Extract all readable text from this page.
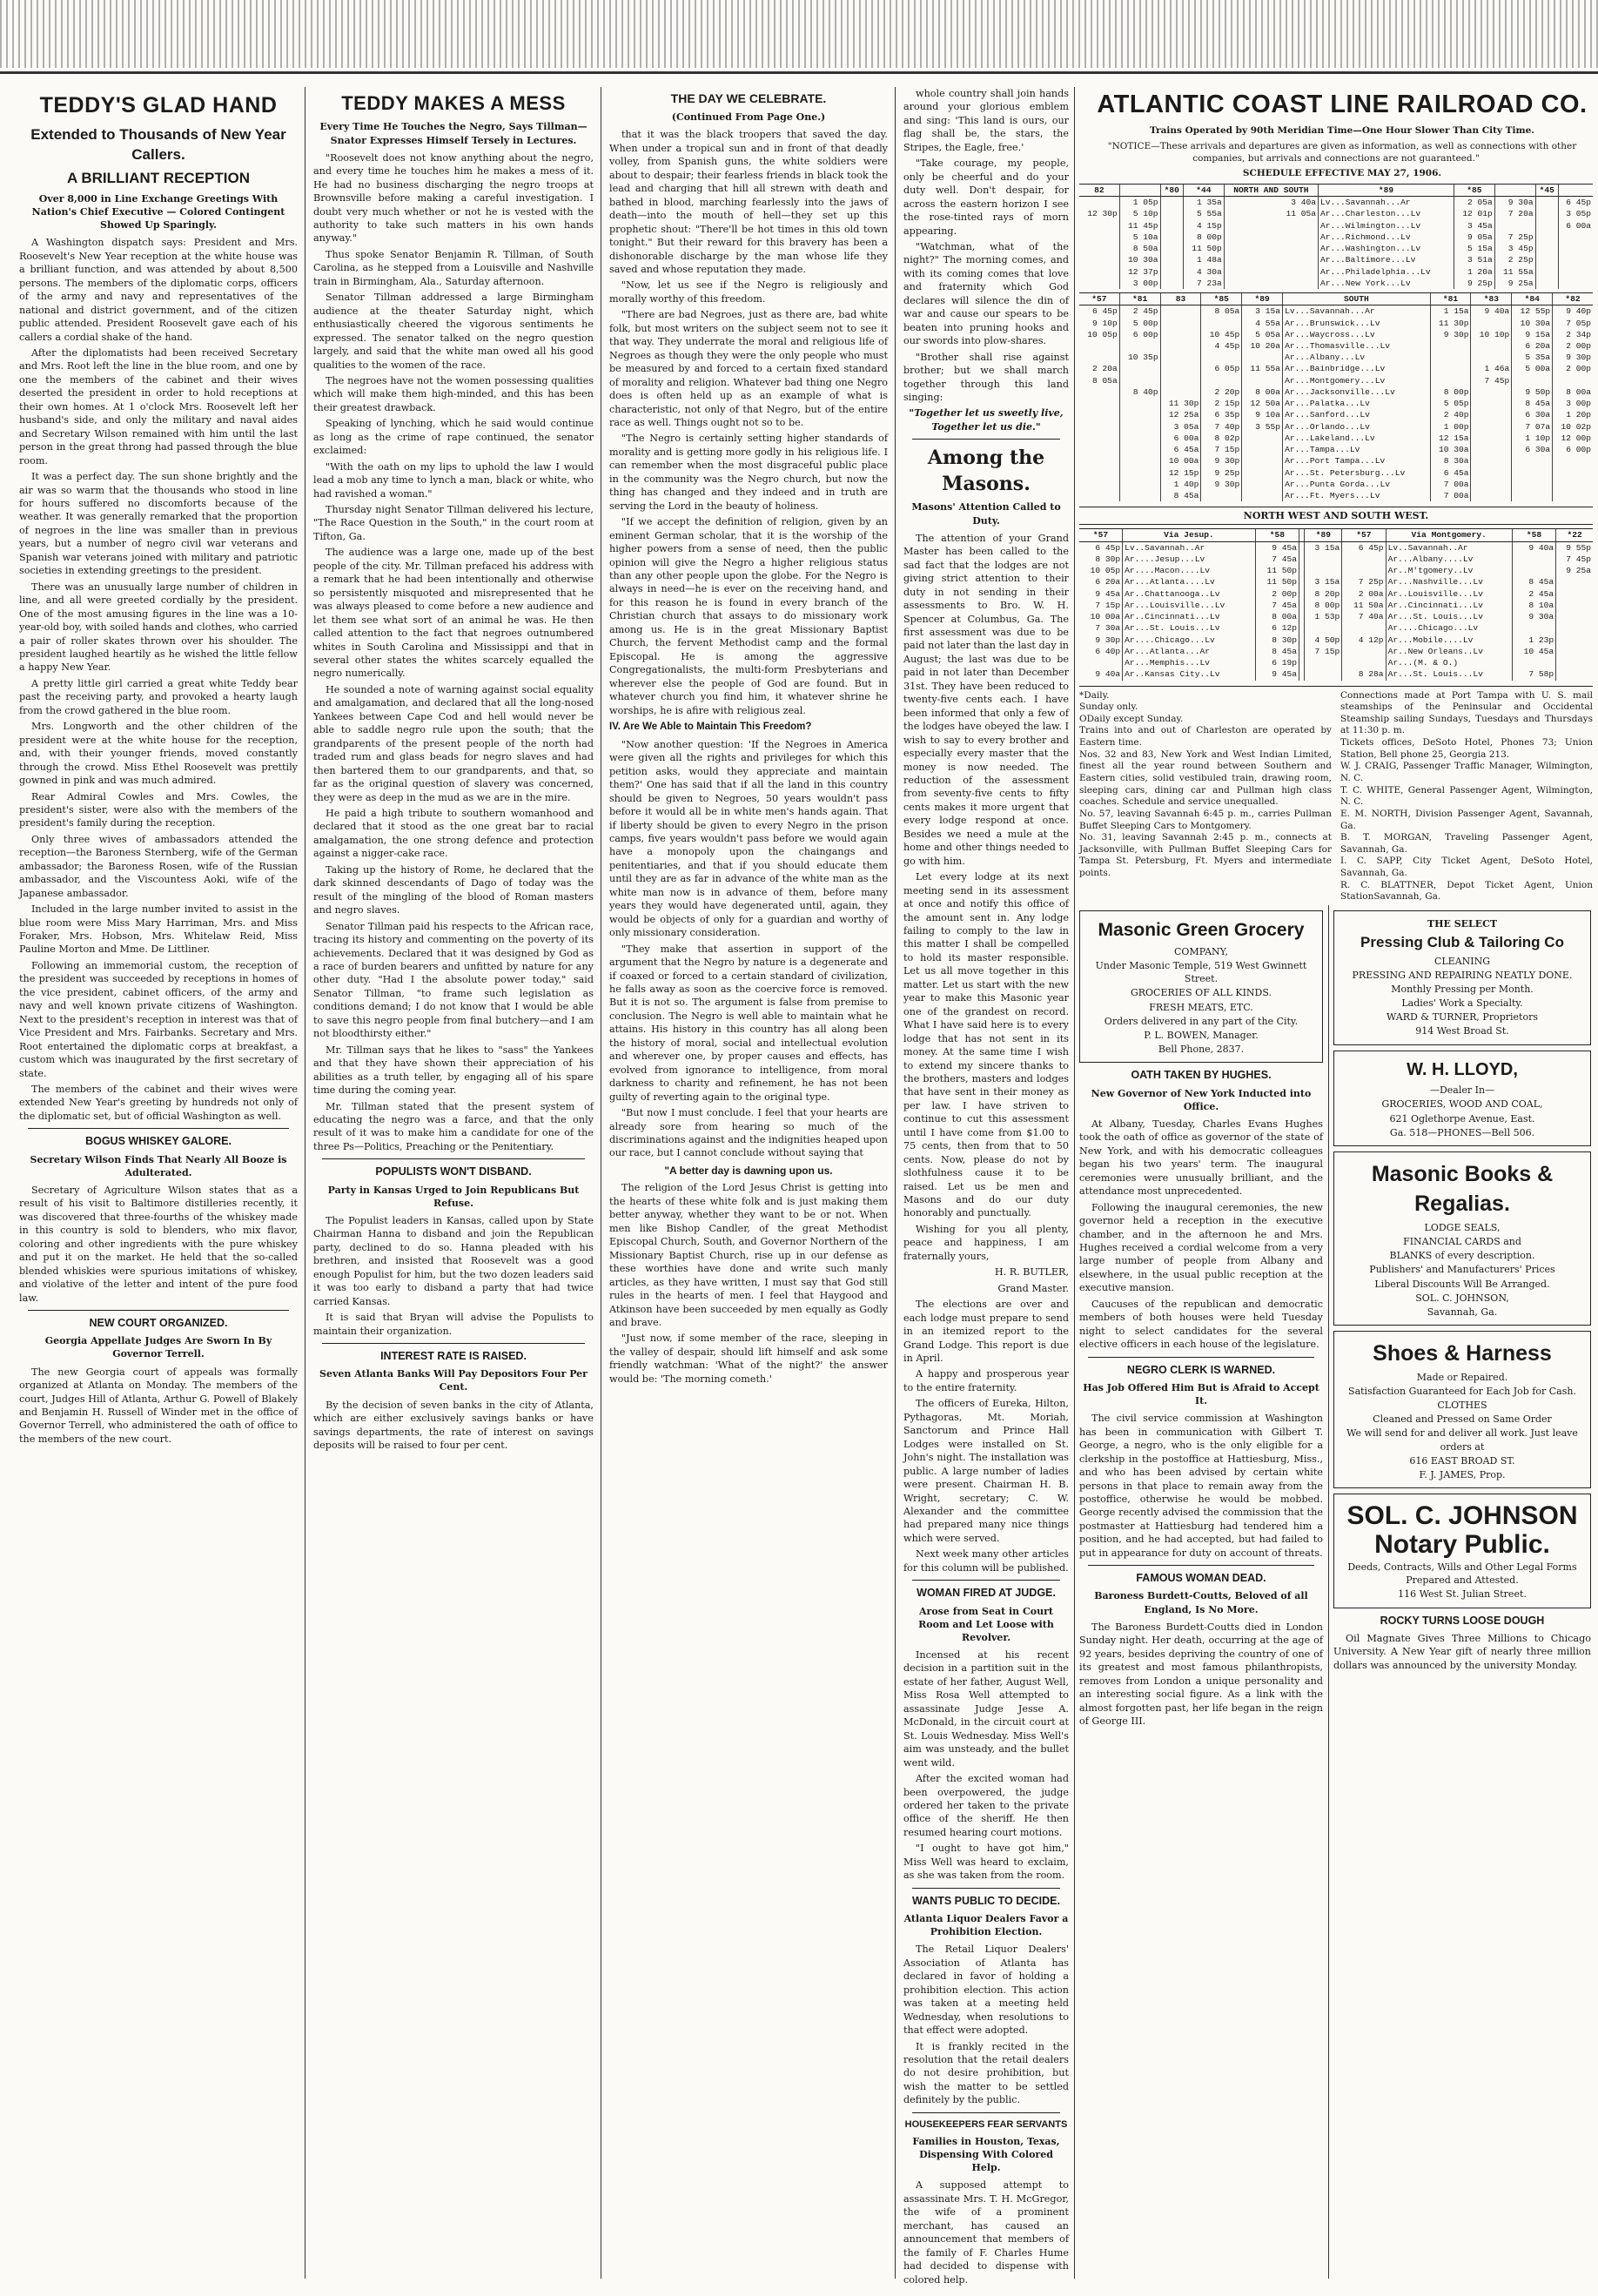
TEDDY'S GLAD HAND

Extended to Thousands of New Year Callers.

A BRILLIANT RECEPTION

Over 8,000 in Line Exchange Greetings With Nation's Chief Executive — Colored Contingent Showed Up Sparingly.

A Washington dispatch says: President and Mrs. Roosevelt's New Year reception at the white house was a brilliant function, and was attended by about 8,500 persons. The members of the diplomatic corps, officers of the army and navy and representatives of the national and district government, and of the citizen public attended. President Roosevelt gave each of his callers a cordial shake of the hand.

After the diplomatists had been received Secretary and Mrs. Root left the line in the blue room, and one by one the members of the cabinet and their wives deserted the president in order to hold receptions at their own homes. At 1 o'clock Mrs. Roosevelt left her husband's side, and only the military and naval aides and Secretary Wilson remained with him until the last person in the great throng had passed through the blue room.

It was a perfect day. The sun shone brightly and the air was so warm that the thousands who stood in line for hours suffered no discomforts because of the weather. It was generally remarked that the proportion of negroes in the line was smaller than in previous years, but a number of negro civil war veterans and Spanish war veterans joined with military and patriotic societies in extending greetings to the president.

There was an unusually large number of children in line, and all were greeted cordially by the president. One of the most amusing figures in the line was a 10-year-old boy, with soiled hands and clothes, who carried a pair of roller skates thrown over his shoulder. The president laughed heartily as he wished the little fellow a happy New Year.

A pretty little girl carried a great white Teddy bear past the receiving party, and provoked a hearty laugh from the crowd gathered in the blue room.

Mrs. Longworth and the other children of the president were at the white house for the reception, and, with their younger friends, moved constantly through the crowd. Miss Ethel Roosevelt was prettily gowned in pink and was much admired.

Rear Admiral Cowles and Mrs. Cowles, the president's sister, were also with the members of the president's family during the reception.

Only three wives of ambassadors attended the reception—the Baroness Sternberg, wife of the German ambassador; the Baroness Rosen, wife of the Russian ambassador, and the Viscountess Aoki, wife of the Japanese ambassador.

Included in the large number invited to assist in the blue room were Miss Mary Harriman, Mrs. and Miss Foraker, Mrs. Hobson, Mrs. Whitelaw Reid, Miss Pauline Morton and Mme. De Littliner.

Following an immemorial custom, the reception of the president was succeeded by receptions in homes of the vice president, cabinet officers, of the army and navy and well known private citizens of Washington. Next to the president's reception in interest was that of Vice President and Mrs. Fairbanks. Secretary and Mrs. Root entertained the diplomatic corps at breakfast, a custom which was inaugurated by the first secretary of state.

The members of the cabinet and their wives were extended New Year's greeting by hundreds not only of the diplomatic set, but of official Washington as well.

BOGUS WHISKEY GALORE.

Secretary Wilson Finds That Nearly All Booze is Adulterated.

Secretary of Agriculture Wilson states that as a result of his visit to Baltimore distilleries recently, it was discovered that three-fourths of the whiskey made in this country is sold to blenders, who mix flavor, coloring and other ingredients with the pure whiskey and put it on the market. He held that the so-called blended whiskies were spurious imitations of whiskey, and violative of the letter and intent of the pure food law.

NEW COURT ORGANIZED.

Georgia Appellate Judges Are Sworn In By Governor Terrell.

The new Georgia court of appeals was formally organized at Atlanta on Monday. The members of the court, Judges Hill of Atlanta, Arthur G. Powell of Blakely and Benjamin H. Russell of Winder met in the office of Governor Terrell, who administered the oath of office to the members of the new court.

TEDDY MAKES A MESS

Every Time He Touches the Negro, Says Tillman—Snator Expresses Himself Tersely in Lectures.

"Roosevelt does not know anything about the negro, and every time he touches him he makes a mess of it. He had no business discharging the negro troops at Brownsville before making a careful investigation. I doubt very much whether or not he is vested with the authority to take such matters in his own hands anyway."

Thus spoke Senator Benjamin R. Tillman, of South Carolina, as he stepped from a Louisville and Nashville train in Birmingham, Ala., Saturday afternoon.

Senator Tillman addressed a large Birmingham audience at the theater Saturday night, which enthusiastically cheered the vigorous sentiments he expressed. The senator talked on the negro question largely, and said that the white man owed all his good qualities to the women of the race.

The negroes have not the women possessing qualities which will make them high-minded, and this has been their greatest drawback.

Speaking of lynching, which he said would continue as long as the crime of rape continued, the senator exclaimed:

"With the oath on my lips to uphold the law I would lead a mob any time to lynch a man, black or white, who had ravished a woman."

Thursday night Senator Tillman delivered his lecture, "The Race Question in the South," in the court room at Tifton, Ga.

The audience was a large one, made up of the best people of the city. Mr. Tillman prefaced his address with a remark that he had been intentionally and otherwise so persistently misquoted and misrepresented that he was always pleased to come before a new audience and let them see what sort of an animal he was. He then called attention to the fact that negroes outnumbered whites in South Carolina and Mississippi and that in several other states the whites scarcely equalled the negro numerically.

He sounded a note of warning against social equality and amalgamation, and declared that all the long-nosed Yankees between Cape Cod and hell would never be able to saddle negro rule upon the south; that the grandparents of the present people of the north had traded rum and glass beads for negro slaves and had then bartered them to our grandparents, and that, so far as the original question of slavery was concerned, they were as deep in the mud as we are in the mire.

He paid a high tribute to southern womanhood and declared that it stood as the one great bar to racial amalgamation, the one strong defence and protection against a nigger-cake race.

Taking up the history of Rome, he declared that the dark skinned descendants of Dago of today was the result of the mingling of the blood of Roman masters and negro slaves.

Senator Tillman paid his respects to the African race, tracing its history and commenting on the poverty of its achievements. Declared that it was designed by God as a race of burden bearers and unfitted by nature for any other duty. "Had I the absolute power today," said Senator Tillman, "to frame such legislation as conditions demand; I do not know that I would be able to save this negro people from final butchery—and I am not bloodthirsty either."

Mr. Tillman says that he likes to "sass" the Yankees and that they have shown their appreciation of his abilities as a truth teller, by engaging all of his spare time during the coming year.

Mr. Tillman stated that the present system of educating the negro was a farce, and that the only result of it was to make him a candidate for one of the three Ps—Politics, Preaching or the Penitentiary.

POPULISTS WON'T DISBAND.

Party in Kansas Urged to Join Republicans But Refuse.

The Populist leaders in Kansas, called upon by State Chairman Hanna to disband and join the Republican party, declined to do so. Hanna pleaded with his brethren, and insisted that Roosevelt was a good enough Populist for him, but the two dozen leaders said it was too early to disband a party that had twice carried Kansas.

It is said that Bryan will advise the Populists to maintain their organization.

INTEREST RATE IS RAISED.

Seven Atlanta Banks Will Pay Depositors Four Per Cent.

By the decision of seven banks in the city of Atlanta, which are either exclusively savings banks or have savings departments, the rate of interest on savings deposits will be raised to four per cent.

THE DAY WE CELEBRATE.

(Continued From Page One.)

that it was the black troopers that saved the day. When under a tropical sun and in front of that deadly volley, from Spanish guns, the white soldiers were about to despair; their fearless friends in black took the lead and charging that hill all strewn with death and bathed in blood, marching fearlessly into the jaws of death—into the mouth of hell—they set up this prophetic shout: "There'll be hot times in this old town tonight." But their reward for this bravery has been a dishonorable discharge by the man whose life they saved and whose reputation they made.

"Now, let us see if the Negro is religiously and morally worthy of this freedom.

"There are bad Negroes, just as there are, bad white folk, but most writers on the subject seem not to see it that way. They underrate the moral and religious life of Negroes as though they were the only people who must be measured by and forced to a certain fixed standard of morality and religion. Whatever bad thing one Negro does is often held up as an example of what is characteristic, not only of that Negro, but of the entire race as well. Things ought not so to be.

"The Negro is certainly setting higher standards of morality and is getting more godly in his religious life. I can remember when the most disgraceful public place in the community was the Negro church, but now the thing has changed and they indeed and in truth are serving the Lord in the beauty of holiness.

"If we accept the definition of religion, given by an eminent German scholar, that it is the worship of the higher powers from a sense of need, then the public opinion will give the Negro a higher religious status than any other people upon the globe. For the Negro is always in need—he is ever on the receiving hand, and for this reason he is found in every branch of the Christian church that assays to do missionary work among us. He is in the great Missionary Baptist Church, the fervent Methodist camp and the formal Episcopal. He is among the aggressive Congregationalists, the multi-form Presbyterians and wherever else the people of God are found. But in whatever church you find him, it whatever shrine he worships, he is afire with religious zeal.

IV. Are We Able to Maintain This Freedom?

"Now another question: 'If the Negroes in America were given all the rights and privileges for which this petition asks, would they appreciate and maintain them?' One has said that if all the land in this country should be given to Negroes, 50 years wouldn't pass before it would all be in white men's hands again. That if liberty should be given to every Negro in the prison camps, five years wouldn't pass before we would again have a monopoly upon the chaingangs and penitentiaries, and that if you should educate them until they are as far in advance of the white man as the white man now is in advance of them, before many years they would have degenerated until, again, they would be objects of only for a guardian and worthy of only missionary consideration.

"They make that assertion in support of the argument that the Negro by nature is a degenerate and if coaxed or forced to a certain standard of civilization, he falls away as soon as the coercive force is removed. But it is not so. The argument is false from premise to conclusion. The Negro is well able to maintain what he attains. His history in this country has all along been the history of moral, social and intellectual evolution and wherever one, by proper causes and effects, has evolved from ignorance to intelligence, from moral darkness to charity and refinement, he has not been guilty of reverting again to the original type.

"But now I must conclude. I feel that your hearts are already sore from hearing so much of the discriminations against and the indignities heaped upon our race, but I cannot conclude without saying that

"A better day is dawning upon us.

The religion of the Lord Jesus Christ is getting into the hearts of these white folk and is just making them better anyway, whether they want to be or not. When men like Bishop Candler, of the great Methodist Episcopal Church, South, and Governor Northern of the Missionary Baptist Church, rise up in our defense as these worthies have done and write such manly articles, as they have written, I must say that God still rules in the hearts of men. I feel that Haygood and Atkinson have been succeeded by men equally as Godly and brave.

"Just now, if some member of the race, sleeping in the valley of despair, should lift himself and ask some friendly watchman: 'What of the night?' the answer would be: 'The morning cometh.'

whole country shall join hands around your glorious emblem and sing: 'This land is ours, our flag shall be, the stars, the Stripes, the Eagle, free.'

"Take courage, my people, only be cheerful and do your duty well. Don't despair, for across the eastern horizon I see the rose-tinted rays of morn appearing.

"Watchman, what of the night?" The morning comes, and with its coming comes that love and fraternity which God declares will silence the din of war and cause our spears to be beaten into pruning hooks and our swords into plow-shares.

"Brother shall rise against brother; but we shall march together through this land singing:

"Together let us sweetly live, Together let us die."

Among the Masons.

Masons' Attention Called to Duty.

The attention of your Grand Master has been called to the sad fact that the lodges are not giving strict attention to their duty in not sending in their assessments to Bro. W. H. Spencer at Columbus, Ga. The first assessment was due to be paid not later than the last day in August; the last was due to be paid in not later than December 31st. They have been reduced to twenty-five cents each. I have been informed that only a few of the lodges have obeyed the law. I wish to say to every brother and especially every master that the money is now needed. The reduction of the assessment from seventy-five cents to fifty cents makes it more urgent that every lodge respond at once. Besides we need a mule at the home and other things needed to go with him.

Let every lodge at its next meeting send in its assessment at once and notify this office of the amount sent in. Any lodge failing to comply to the law in this matter I shall be compelled to hold its master responsible. Let us all move together in this matter. Let us start with the new year to make this Masonic year one of the grandest on record. What I have said here is to every lodge that has not sent in its money. At the same time I wish to extend my sincere thanks to the brothers, masters and lodges that have sent in their money as per law. I have striven to continue to cut this assessment until I have come from $1.00 to 75 cents, then from that to 50 cents. Now, please do not by slothfulness cause it to be raised. Let us be men and Masons and do our duty honorably and punctually.

Wishing for you all plenty, peace and happiness, I am fraternally yours,

H. R. BUTLER,

Grand Master.

The elections are over and each lodge must prepare to send in an itemized report to the Grand Lodge. This report is due in April.

A happy and prosperous year to the entire fraternity.

The officers of Eureka, Hilton, Pythagoras, Mt. Moriah, Sanctorum and Prince Hall Lodges were installed on St. John's night. The installation was public. A large number of ladies were present. Chairman H. B. Wright, secretary; C. W. Alexander and the committee had prepared many nice things which were served.

Next week many other articles for this column will be published.

WOMAN FIRED AT JUDGE.

Arose from Seat in Court Room and Let Loose with Revolver.

Incensed at his recent decision in a partition suit in the estate of her father, August Well, Miss Rosa Well attempted to assassinate Judge Jesse A. McDonald, in the circuit court at St. Louis Wednesday. Miss Well's aim was unsteady, and the bullet went wild.

After the excited woman had been overpowered, the judge ordered her taken to the private office of the sheriff. He then resumed hearing court motions.

"I ought to have got him," Miss Well was heard to exclaim, as she was taken from the room.

WANTS PUBLIC TO DECIDE.

Atlanta Liquor Dealers Favor a Prohibition Election.

The Retail Liquor Dealers' Association of Atlanta has declared in favor of holding a prohibition election. This action was taken at a meeting held Wednesday, when resolutions to that effect were adopted.

It is frankly recited in the resolution that the retail dealers do not desire prohibition, but wish the matter to be settled definitely by the public.

HOUSEKEEPERS FEAR SERVANTS

Families in Houston, Texas, Dispensing With Colored Help.

A supposed attempt to assassinate Mrs. T. H. McGregor, the wife of a prominent merchant, has caused an announcement that members of the family of F. Charles Hume had decided to dispense with colored help.

ATLANTIC COAST LINE RAILROAD CO.

Trains Operated by 90th Meridian Time—One Hour Slower Than City Time.

"NOTICE—These arrivals and departures are given as information, as well as connections with other companies, but arrivals and connections are not guaranteed."

SCHEDULE EFFECTIVE MAY 27, 1906.

82		*80	*44	NORTH AND SOUTH	*89	*85		*45	
	1 05p		1 35a	3 40a	Lv...Savannah...Ar	2 05a	9 30a		6 45p
12 30p	5 10p		5 55a	11 05a	Ar...Charleston...Lv	12 01p	7 20a		3 05p
	11 45p		4 15p		Ar...Wilmington...Lv	3 45a			6 00a
	5 10a		8 00p		Ar...Richmond...Lv	9 05a	7 25p		
	8 50a		11 50p		Ar...Washington...Lv	5 15a	3 45p		
	10 30a		1 48a		Ar...Baltimore...Lv	3 51a	2 25p		
	12 37p		4 30a		Ar...Philadelphia...Lv	1 20a	11 55a		
	3 00p		7 23a		Ar...New York...Lv	9 25p	9 25a		
*57	*81	83	*85	*89	SOUTH	*81	*83	*84	*82
6 45p	2 45p		8 05a	3 15a	Lv...Savannah...Ar	1 15a	9 40a	12 55p	9 40p
9 10p	5 00p			4 55a	Ar...Brunswick...Lv	11 30p		10 30a	7 05p
10 05p	6 00p		10 45p	5 05a	Ar...Waycross...Lv	9 30p	10 10p	9 15a	2 34p
			4 45p	10 20a	Ar...Thomasville...Lv			6 20a	2 00p
	10 35p				Ar...Albany...Lv			5 35a	9 30p
2 20a			6 05p	11 55a	Ar...Bainbridge...Lv		1 46a	5 00a	2 00p
8 05a					Ar...Montgomery...Lv		7 45p		
	8 40p		2 20p	8 00a	Ar...Jacksonville...Lv	8 00p		9 50p	8 00a
		11 30p	2 15p	12 50a	Ar...Palatka...Lv	5 05p		8 45a	3 00p
		12 25a	6 35p	9 10a	Ar...Sanford...Lv	2 40p		6 30a	1 20p
		3 05a	7 40p	3 55p	Ar...Orlando...Lv	1 00p		7 07a	10 02p
		6 00a	8 02p		Ar...Lakeland...Lv	12 15a		1 10p	12 00p
		6 45a	7 15p		Ar...Tampa...Lv	10 30a		6 30a	6 00p
		10 00a	9 30p		Ar...Port Tampa...Lv	8 30a			
		12 15p	9 25p		Ar...St. Petersburg...Lv	6 45a			
		1 40p	9 30p		Ar...Punta Gorda...Lv	7 00a			
		8 45a			Ar...Ft. Myers...Lv	7 00a			
NORTH WEST AND SOUTH WEST.
*57	Via Jesup.	*58		*89	*57	Via Montgomery.	*58	*22
6 45p	Lv..Savannah..Ar	9 45a		3 15a	6 45p	Lv..Savannah..Ar	9 40a	9 55p
8 30p	Ar....Jesup...Lv	7 45a				Ar...Albany....Lv		7 45p
10 05p	Ar....Macon....Lv	11 50p				Ar..M'tgomery..Lv		9 25a
6 20a	Ar...Atlanta....Lv	11 50p		3 15a	7 25p	Ar...Nashville...Lv	8 45a	
9 45a	Ar..Chattanooga..Lv	2 00p		8 20p	2 00a	Ar..Louisville...Lv	2 45a	
7 15p	Ar...Louisville...Lv	7 45a		8 00p	11 50a	Ar..Cincinnati...Lv	8 10a	
10 00a	Ar..Cincinnati...Lv	8 00a		1 53p	7 40a	Ar...St. Louis...Lv	9 30a	
7 30a	Ar...St. Louis...Lv	6 12p				Ar....Chicago...Lv		
9 30p	Ar....Chicago...Lv	8 30p		4 50p	4 12p	Ar...Mobile....Lv	1 23p	
6 40p	Ar...Atlanta...Ar	8 45a		7 15p		Ar..New Orleans..Lv	10 45a	
	Ar...Memphis...Lv	6 19p				Ar...(M. & O.)		
9 40a	Ar..Kansas City..Lv	9 45a			8 28a	Ar...St. Louis...Lv	7 58p	
*Daily.
Sunday only.
ODaily except Sunday.
Trains into and out of Charleston are operated by Eastern time.
Nos. 32 and 83, New York and West Indian Limited, finest all the year round between Southern and Eastern cities, solid vestibuled train, drawing room, sleeping cars, dining car and Pullman high class coaches. Schedule and service unequalled.
No. 57, leaving Savannah 6:45 p. m., carries Pullman Buffet Sleeping Cars to Montgomery.
No. 31, leaving Savannah 2:45 p. m., connects at Jacksonville, with Pullman Buffet Sleeping Cars for Tampa St. Petersburg, Ft. Myers and intermediate points.
Connections made at Port Tampa with U. S. mail steamships of the Peninsular and Occidental Steamship sailing Sundays, Tuesdays and Thursdays at 11:30 p. m.
Tickets offices, DeSoto Hotel, Phones 73; Union Station, Bell phone 25, Georgia 213.
W. J. CRAIG, Passenger Traffic Manager, Wilmington, N. C.
T. C. WHITE, General Passenger Agent, Wilmington, N. C.
E. M. NORTH, Division Passenger Agent, Savannah, Ga.
B. T. MORGAN, Traveling Passenger Agent, Savannah, Ga.
I. C. SAPP, City Ticket Agent, DeSoto Hotel, Savannah, Ga.
R. C. BLATTNER, Depot Ticket Agent, Union StationSavannah, Ga.
Masonic Green Grocery
COMPANY,
Under Masonic Temple, 519 West Gwinnett Street.
GROCERIES OF ALL KINDS.
FRESH MEATS, ETC.
Orders delivered in any part of the City.
P. L. BOWEN, Manager.
Bell Phone, 2837.

OATH TAKEN BY HUGHES.

New Governor of New York Inducted into Office.

At Albany, Tuesday, Charles Evans Hughes took the oath of office as governor of the state of New York, and with his democratic colleagues began his two years' term. The inaugural ceremonies were unusually brilliant, and the attendance most unprecedented.

Following the inaugural ceremonies, the new governor held a reception in the executive chamber, and in the afternoon he and Mrs. Hughes received a cordial welcome from a very large number of people from Albany and elsewhere, in the usual public reception at the executive mansion.

Caucuses of the republican and democratic members of both houses were held Tuesday night to select candidates for the several elective officers in each house of the legislature.

NEGRO CLERK IS WARNED.

Has Job Offered Him But is Afraid to Accept It.

The civil service commission at Washington has been in communication with Gilbert T. George, a negro, who is the only eligible for a clerkship in the postoffice at Hattiesburg, Miss., and who has been advised by certain white persons in that place to remain away from the postoffice, otherwise he would be mobbed. George recently advised the commission that the postmaster at Hattiesburg had tendered him a position, and he had accepted, but had failed to put in appearance for duty on account of threats.

FAMOUS WOMAN DEAD.

Baroness Burdett-Coutts, Beloved of all England, Is No More.

The Baroness Burdett-Coutts died in London Sunday night. Her death, occurring at the age of 92 years, besides depriving the country of one of its greatest and most famous philanthropists, removes from London a unique personality and an interesting social figure. As a link with the almost forgotten past, her life began in the reign of George III.

THE SELECT
Pressing Club & Tailoring Co
CLEANING
PRESSING AND REPAIRING NEATLY DONE.
Monthly Pressing per Month.
Ladies' Work a Specialty.
WARD & TURNER, Proprietors
914 West Broad St.
W. H. LLOYD,
—Dealer In—
GROCERIES, WOOD AND COAL,
621 Oglethorpe Avenue, East.
Ga. 518—PHONES—Bell 506.
Masonic Books & Regalias.
LODGE SEALS,
FINANCIAL CARDS and
BLANKS of every description.
Publishers' and Manufacturers' Prices
Liberal Discounts Will Be Arranged.
SOL. C. JOHNSON,
Savannah, Ga.
Shoes & Harness
Made or Repaired.
Satisfaction Guaranteed for Each Job for Cash.
CLOTHES
Cleaned and Pressed on Same Order
We will send for and deliver all work. Just leave orders at
616 EAST BROAD ST.
F. J. JAMES, Prop.
SOL. C. JOHNSON Notary Public.
Deeds, Contracts, Wills and Other Legal Forms Prepared and Attested.
116 West St. Julian Street.

ROCKY TURNS LOOSE DOUGH

Oil Magnate Gives Three Millions to Chicago University. A New Year gift of nearly three million dollars was announced by the university Monday.
